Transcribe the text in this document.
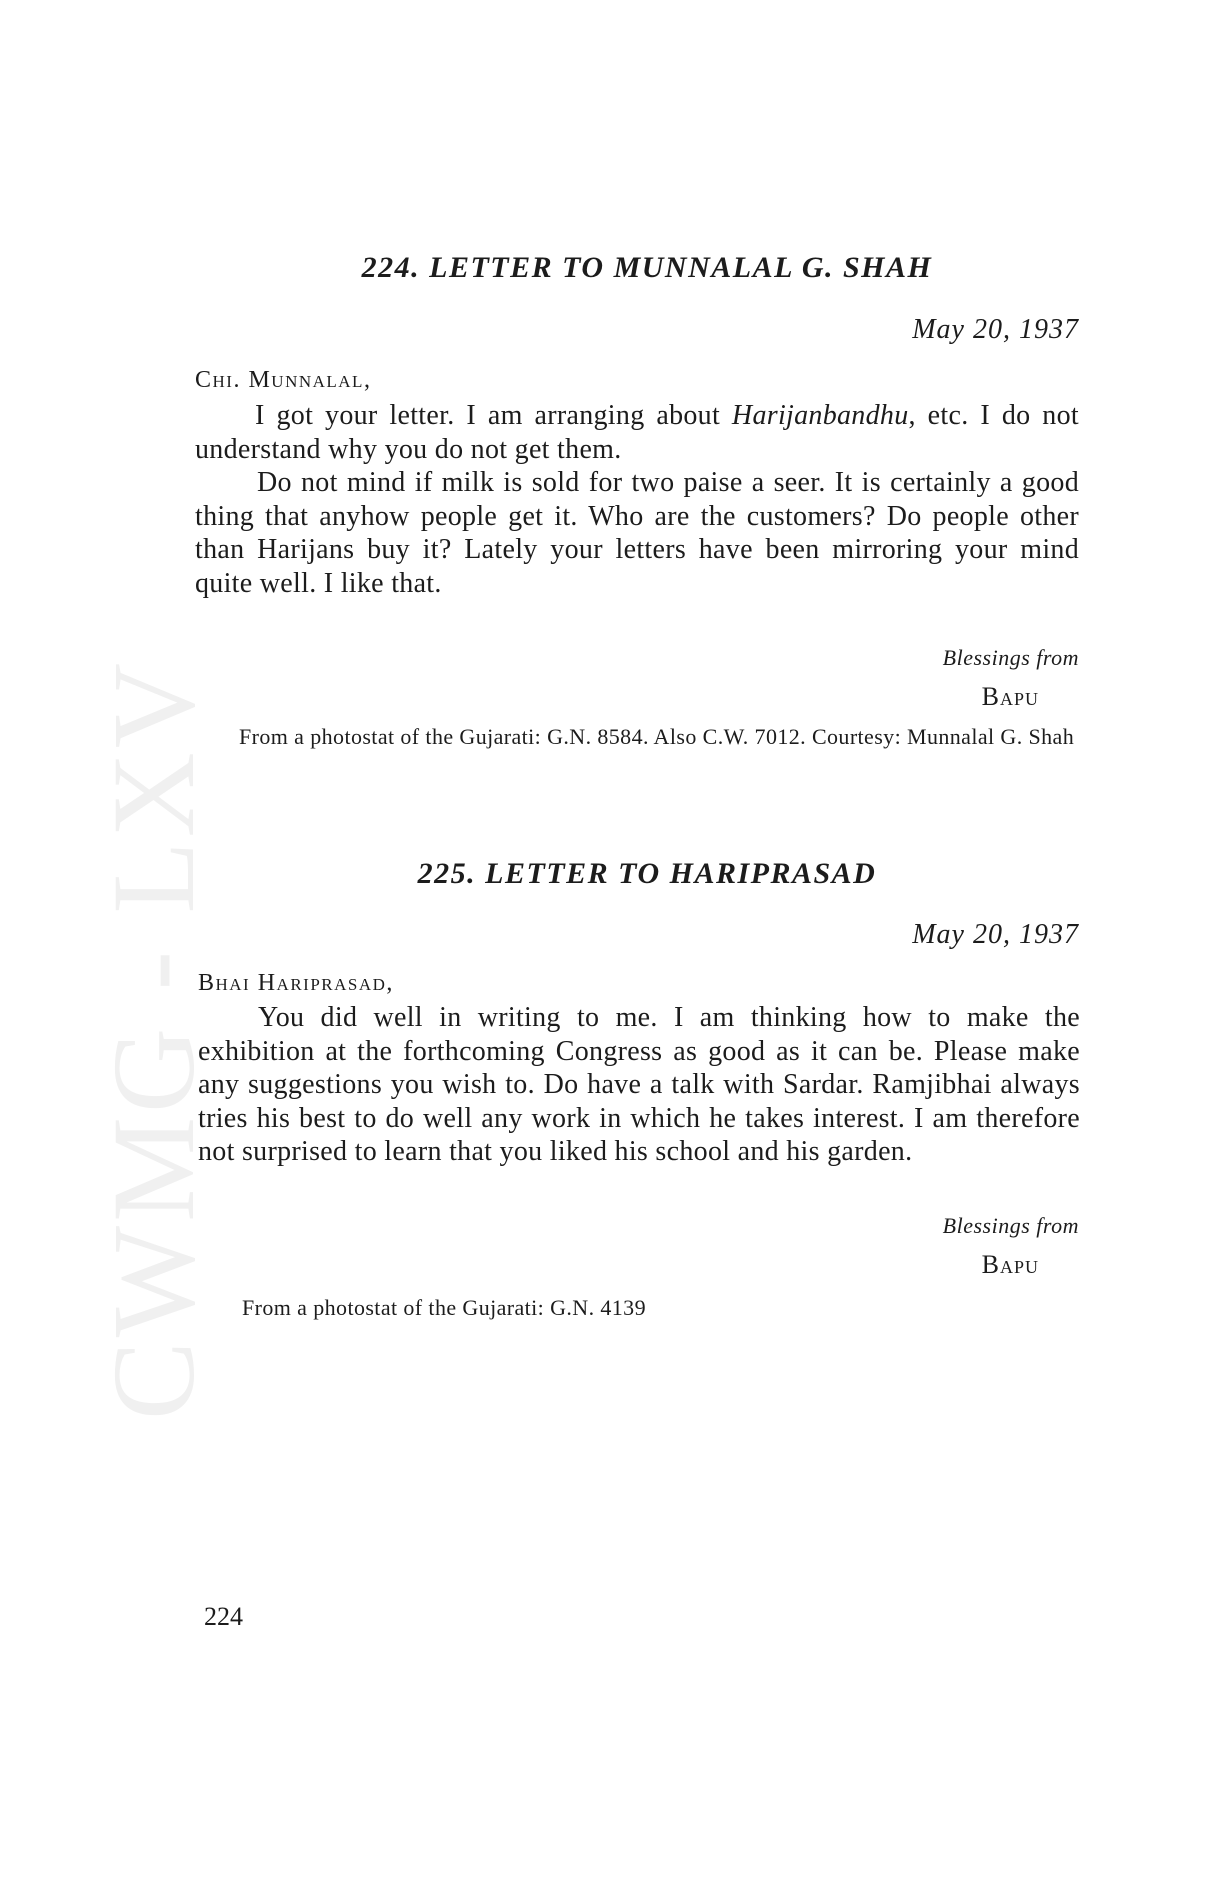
CWMG - LXV
224. LETTER TO MUNNALAL G. SHAH

May 20, 1937

Chi. Munnalal,

I got your letter. I am arranging about Harijanbandhu, etc. I do not understand why you do not get them.

Do not mind if milk is sold for two paise a seer. It is certainly a good thing that anyhow people get it. Who are the customers? Do people other than Harijans buy it? Lately your letters have been mirroring your mind quite well. I like that.

Blessings from
Bapu

From a photostat of the Gujarati: G.N. 8584. Also C.W. 7012. Courtesy: Munnalal G. Shah

225. LETTER TO HARIPRASAD

May 20, 1937

Bhai Hariprasad,

You did well in writing to me. I am thinking how to make the exhibition at the forthcoming Congress as good as it can be. Please make any suggestions you wish to. Do have a talk with Sardar. Ramjibhai always tries his best to do well any work in which he takes interest. I am therefore not surprised to learn that you liked his school and his garden.

Blessings from
Bapu

From a photostat of the Gujarati: G.N. 4139

224
